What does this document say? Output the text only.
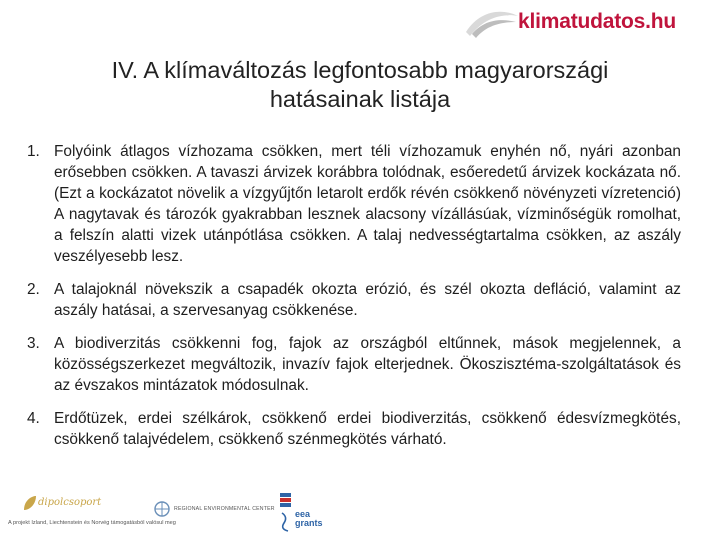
klimatudatos.hu
IV. A klímaváltozás legfontosabb magyarországi
hatásainak listája
1. Folyóink átlagos vízhozama csökken, mert téli vízhozamuk enyhén nő, nyári azonban erősebben csökken. A tavaszi árvizek korábbra tolódnak, esőeredetű árvizek kockázata nő. (Ezt a kockázatot növelik a vízgyűjtőn letarolt erdők révén csökkenő növényzeti vízretenció) A nagytavak és tározók gyakrabban lesznek alacsony vízállásúak, vízminőségük romolhat, a felszín alatti vizek utánpótlása csökken. A talaj nedvességtartalma csökken, az aszály veszélyesebb lesz.
2. A talajoknál növekszik a csapadék okozta erózió, és szél okozta defláció, valamint az aszály hatásai, a szervesanyag csökkenése.
3. A biodiverzitás csökkenni fog, fajok az országból eltűnnek, mások megjelennek, a közösségszerkezet megváltozik, invazív fajok elterjednek. Ökoszisztéma-szolgáltatások és az évszakos mintázatok módosulnak.
4. Erdőtüzek, erdei szélkárok, csökkenő erdei biodiverzitás, csökkenő édesvízmegkötés, csökkenő talajvédelem, csökkenő szénmegkötés várható.
dipolcsoport
A projekt Izland, Liechtenstein és Norvég támogatásból valósul meg
REGIONAL ENVIRONMENTAL CENTER eea
grants
